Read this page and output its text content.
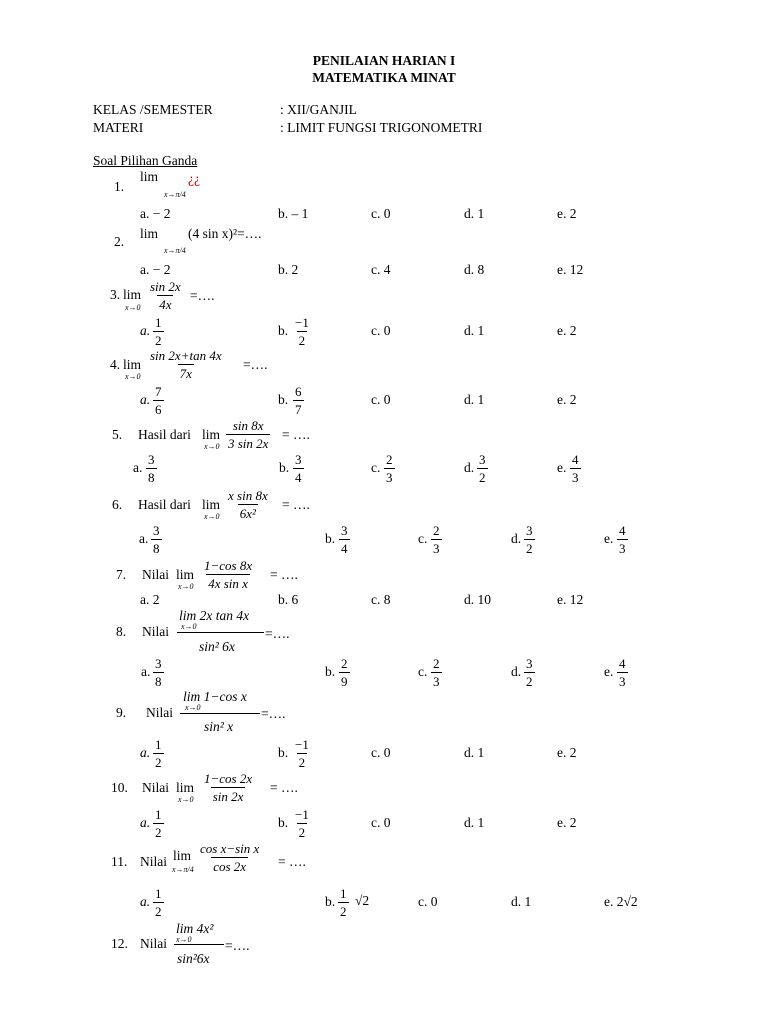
PENILAIAN HARIAN I
MATEMATIKA MINAT
KELAS /SEMESTER	: XII/GANJIL
MATERI	: LIMIT FUNGSI TRIGONOMETRI
Soal Pilihan Ganda
1.
lim
x→π/4
¿¿
a. − 2	b. – 1	c. 0	d. 1	e. 2
2.
lim
x→π/4
(4 sin x)²=….
a. − 2	b. 2	c. 4	d. 8	e. 12
3. lim
$x\to 0 \frac{\sin 2x}{4x}$ =….
a. $\frac{1}{2}$	b. $\frac{-1}{2}$	c. 0	d. 1	e. 2
4. lim
$x\to 0 \frac{\sin 2x+\tan 4x}{7x}$ =….
a. $\frac{7}{6}$	b. $\frac{6}{7}$	c. 0	d. 1	e. 2
5. Hasil dari lim
$x\to 0 \frac{\sin 8x}{3 \sin 2x}$ = ….
a. $\frac{3}{8}$	b. $\frac{3}{4}$	c. $\frac{2}{3}$	d. $\frac{3}{2}$	e. $\frac{4}{3}$
6. Hasil dari lim
$x\to 0 \frac{\text{x sin 8x}}{\text{6x²}}$ = ….
a. $\frac{3}{8}$	b. $\frac{3}{4}$	c. $\frac{2}{3}$	d. $\frac{3}{2}$	e. $\frac{4}{3}$
7. Nilai lim
$x\to 0 \frac{1-\cos 8x}{\text{4x sin x}}$ = ….
a. 2	b. 6	c. 8	d. 10	e. 12
8. Nilai
lim 2x tan 4x
x→0
sin² 6x
=….
a. $\frac{3}{8}$	b. $\frac{2}{9}$	c. $\frac{2}{3}$	d. $\frac{3}{2}$	e. $\frac{4}{3}$
9. Nilai
lim 1−cos x
x→0
sin² x
=….
a. $\frac{1}{2}$	b. $\frac{-1}{2}$	c. 0	d. 1	e. 2
10. Nilai lim
$x\to 0 \frac{1-\cos 2x}{\sin 2x}$ = ….
a. $\frac{1}{2}$	b. $\frac{-1}{2}$	c. 0	d. 1	e. 2
11. Nilai lim
$x\to\pi/4 \frac{\text{cos x−sin x}}{\cos 2x}$ = ….
a. $\frac{1}{2}$	b. $\frac{1}{2} √2$	c. 0	d. 1	e. 2√2
12. Nilai
lim 4x²
x→0
sin²6x
=….
